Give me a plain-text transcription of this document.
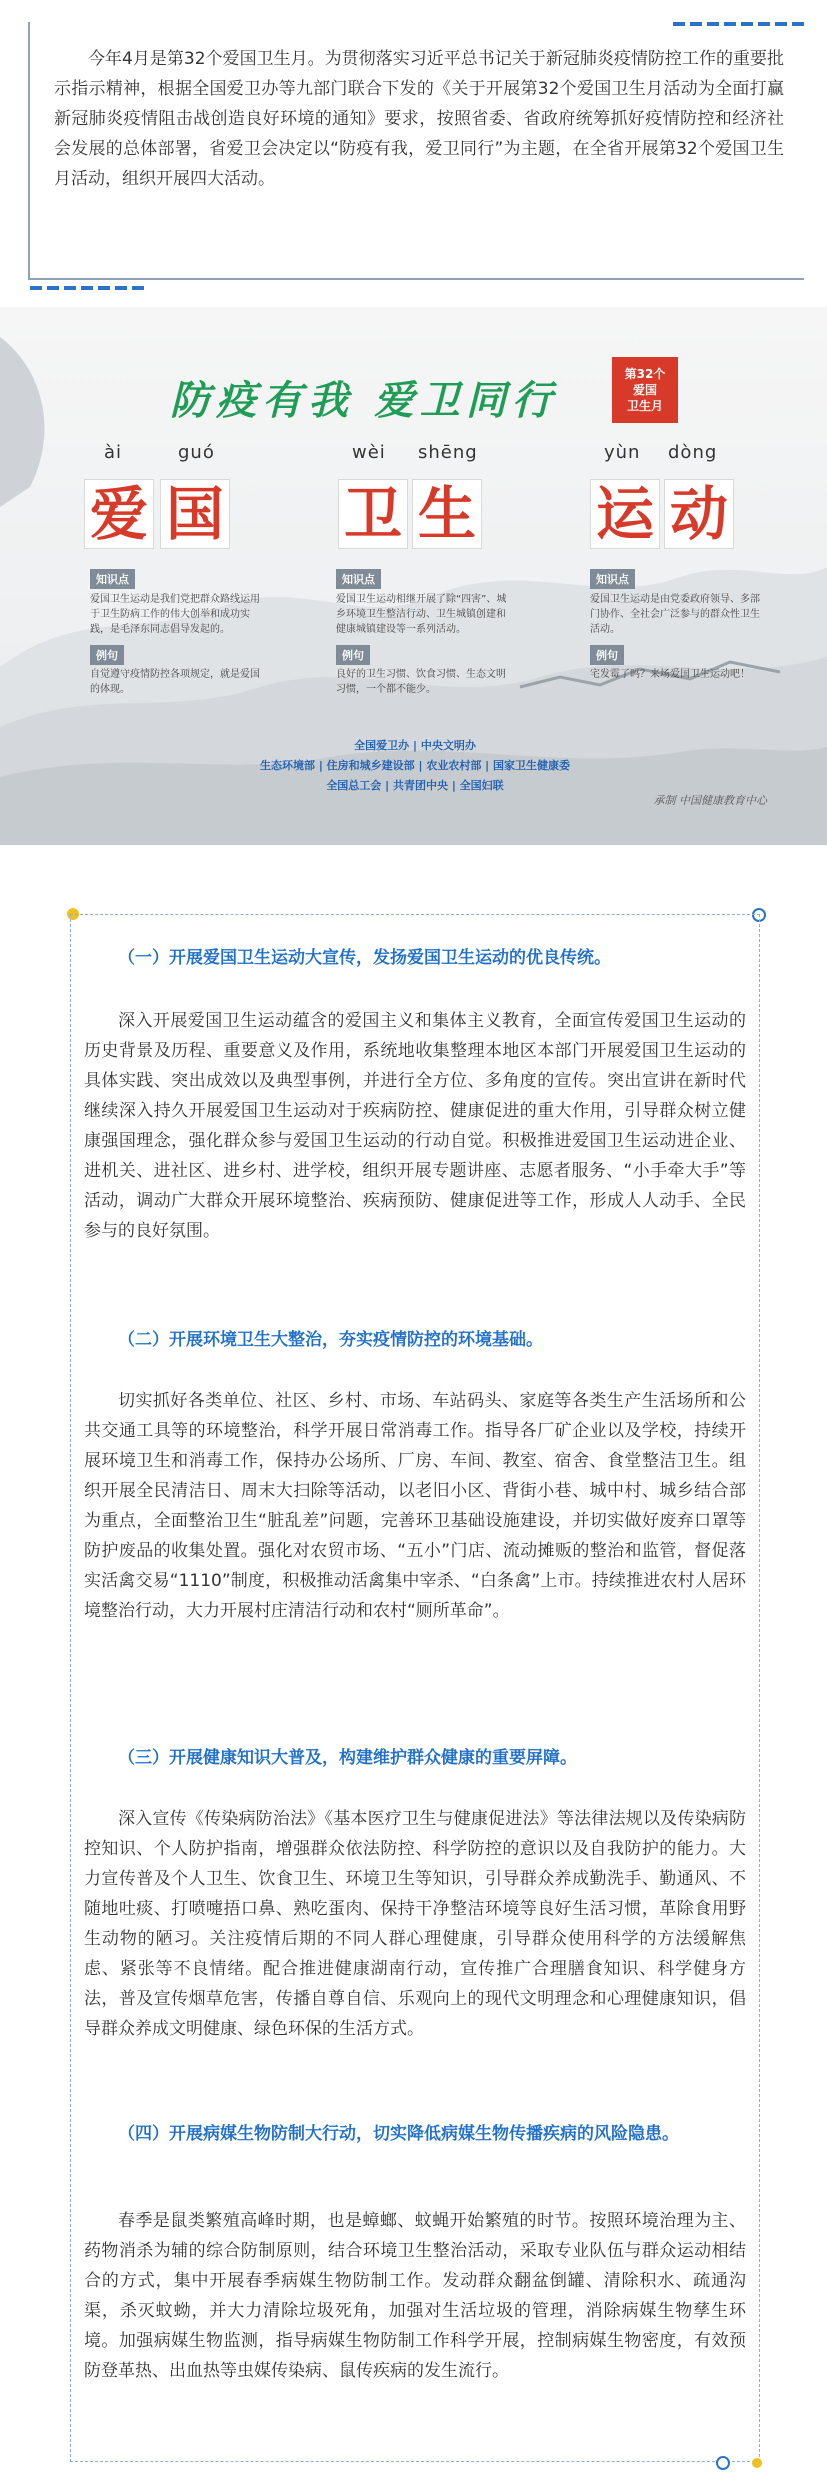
今年4月是第32个爱国卫生月。为贯彻落实习近平总书记关于新冠肺炎疫情防控工作的重要批示指示精神，根据全国爱卫办等九部门联合下发的《关于开展第32个爱国卫生月活动为全面打赢新冠肺炎疫情阻击战创造良好环境的通知》要求，按照省委、省政府统筹抓好疫情防控和经济社会发展的总体部署，省爱卫会决定以“防疫有我，爱卫同行”为主题，在全省开展第32个爱国卫生月活动，组织开展四大活动。

防疫有我 爱卫同行
第32个
爱国
卫生月
ài	guó
爱 国
知识点

爱国卫生运动是我们党把群众路线运用于卫生防病工作的伟大创举和成功实践，是毛泽东同志倡导发起的。

例句

自觉遵守疫情防控各项规定，就是爱国的体现。

wèi shēng
卫 生
知识点

爱国卫生运动相继开展了除“四害”、城乡环境卫生整洁行动、卫生城镇创建和健康城镇建设等一系列活动。

例句

良好的卫生习惯、饮食习惯、生态文明习惯，一个都不能少。

yùn dòng
运 动
知识点

爱国卫生运动是由党委政府领导、多部门协作、全社会广泛参与的群众性卫生活动。

例句

宅发霉了吗？来场爱国卫生运动吧！

全国爱卫办 | 中央文明办
生态环境部 | 住房和城乡建设部 | 农业农村部 | 国家卫生健康委
全国总工会 | 共青团中央 | 全国妇联
承制 中国健康教育中心
（一）开展爱国卫生运动大宣传，发扬爱国卫生运动的优良传统。

深入开展爱国卫生运动蕴含的爱国主义和集体主义教育，全面宣传爱国卫生运动的历史背景及历程、重要意义及作用，系统地收集整理本地区本部门开展爱国卫生运动的具体实践、突出成效以及典型事例，并进行全方位、多角度的宣传。突出宣讲在新时代继续深入持久开展爱国卫生运动对于疾病防控、健康促进的重大作用，引导群众树立健康强国理念，强化群众参与爱国卫生运动的行动自觉。积极推进爱国卫生运动进企业、进机关、进社区、进乡村、进学校，组织开展专题讲座、志愿者服务、“小手牵大手”等活动，调动广大群众开展环境整治、疾病预防、健康促进等工作，形成人人动手、全民参与的良好氛围。

（二）开展环境卫生大整治，夯实疫情防控的环境基础。

切实抓好各类单位、社区、乡村、市场、车站码头、家庭等各类生产生活场所和公共交通工具等的环境整治，科学开展日常消毒工作。指导各厂矿企业以及学校，持续开展环境卫生和消毒工作，保持办公场所、厂房、车间、教室、宿舍、食堂整洁卫生。组织开展全民清洁日、周末大扫除等活动，以老旧小区、背街小巷、城中村、城乡结合部为重点，全面整治卫生“脏乱差”问题，完善环卫基础设施建设，并切实做好废弃口罩等防护废品的收集处置。强化对农贸市场、“五小”门店、流动摊贩的整治和监管，督促落实活禽交易“1110”制度，积极推动活禽集中宰杀、“白条禽”上市。持续推进农村人居环境整治行动，大力开展村庄清洁行动和农村“厕所革命”。

（三）开展健康知识大普及，构建维护群众健康的重要屏障。

深入宣传《传染病防治法》《基本医疗卫生与健康促进法》等法律法规以及传染病防控知识、个人防护指南，增强群众依法防控、科学防控的意识以及自我防护的能力。大力宣传普及个人卫生、饮食卫生、环境卫生等知识，引导群众养成勤洗手、勤通风、不随地吐痰、打喷嚏捂口鼻、熟吃蛋肉、保持干净整洁环境等良好生活习惯，革除食用野生动物的陋习。关注疫情后期的不同人群心理健康，引导群众使用科学的方法缓解焦虑、紧张等不良情绪。配合推进健康湖南行动，宣传推广合理膳食知识、科学健身方法，普及宣传烟草危害，传播自尊自信、乐观向上的现代文明理念和心理健康知识，倡导群众养成文明健康、绿色环保的生活方式。

（四）开展病媒生物防制大行动，切实降低病媒生物传播疾病的风险隐患。

春季是鼠类繁殖高峰时期，也是蟑螂、蚊蝇开始繁殖的时节。按照环境治理为主、药物消杀为辅的综合防制原则，结合环境卫生整治活动，采取专业队伍与群众运动相结合的方式，集中开展春季病媒生物防制工作。发动群众翻盆倒罐、清除积水、疏通沟渠，杀灭蚊蚴，并大力清除垃圾死角，加强对生活垃圾的管理，消除病媒生物孳生环境。加强病媒生物监测，指导病媒生物防制工作科学开展，控制病媒生物密度，有效预防登革热、出血热等虫媒传染病、鼠传疾病的发生流行。
